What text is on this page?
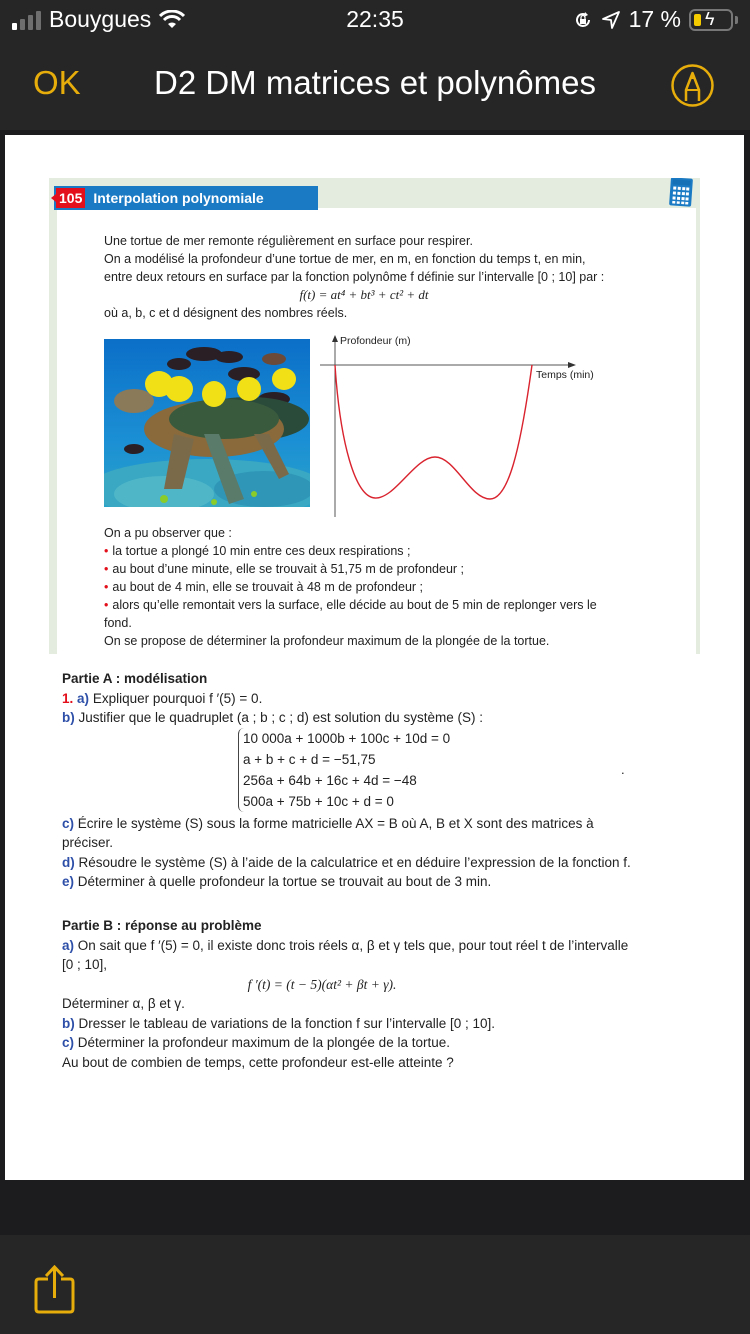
Bouygues	22:35	17 % ϟ
OK	D2 DM matrices et polynômes
105 Interpolation polynomiale
Une tortue de mer remonte régulièrement en surface pour respirer.
On a modélisé la profondeur d’une tortue de mer, en m, en fonction du temps t, en min,
entre deux retours en surface par la fonction polynôme f définie sur l’intervalle [0 ; 10] par :
f(t) = at⁴ + bt³ + ct² + dt
où a, b, c et d désignent des nombres réels.
Profondeur (m)
Temps (min)
On a pu observer que :
• la tortue a plongé 10 min entre ces deux respirations ;
• au bout d’une minute, elle se trouvait à 51,75 m de profondeur ;
• au bout de 4 min, elle se trouvait à 48 m de profondeur ;
• alors qu’elle remontait vers la surface, elle décide au bout de 5 min de replonger vers le fond.
On se propose de déterminer la profondeur maximum de la plongée de la tortue.
Partie A : modélisation
1. a) Expliquer pourquoi f ′(5) = 0.
b) Justifier que le quadruplet (a ; b ; c ; d) est solution du système (S) :
10 000a + 1000b + 100c + 10d = 0
a + b + c + d = −51,75
256a + 64b + 16c + 4d = −48
500a + 75b + 10c + d = 0
.
c) Écrire le système (S) sous la forme matricielle AX = B où A, B et X sont des matrices à préciser.
d) Résoudre le système (S) à l’aide de la calculatrice et en déduire l’expression de la fonction f.
e) Déterminer à quelle profondeur la tortue se trouvait au bout de 3 min.
Partie B : réponse au problème
a) On sait que f ′(5) = 0, il existe donc trois réels α, β et γ tels que, pour tout réel t de l’intervalle [0 ; 10],
f ′(t) = (t − 5)(αt² + βt + γ).
Déterminer α, β et γ.
b) Dresser le tableau de variations de la fonction f sur l’intervalle [0 ; 10].
c) Déterminer la profondeur maximum de la plongée de la tortue.
Au bout de combien de temps, cette profondeur est-elle atteinte ?
